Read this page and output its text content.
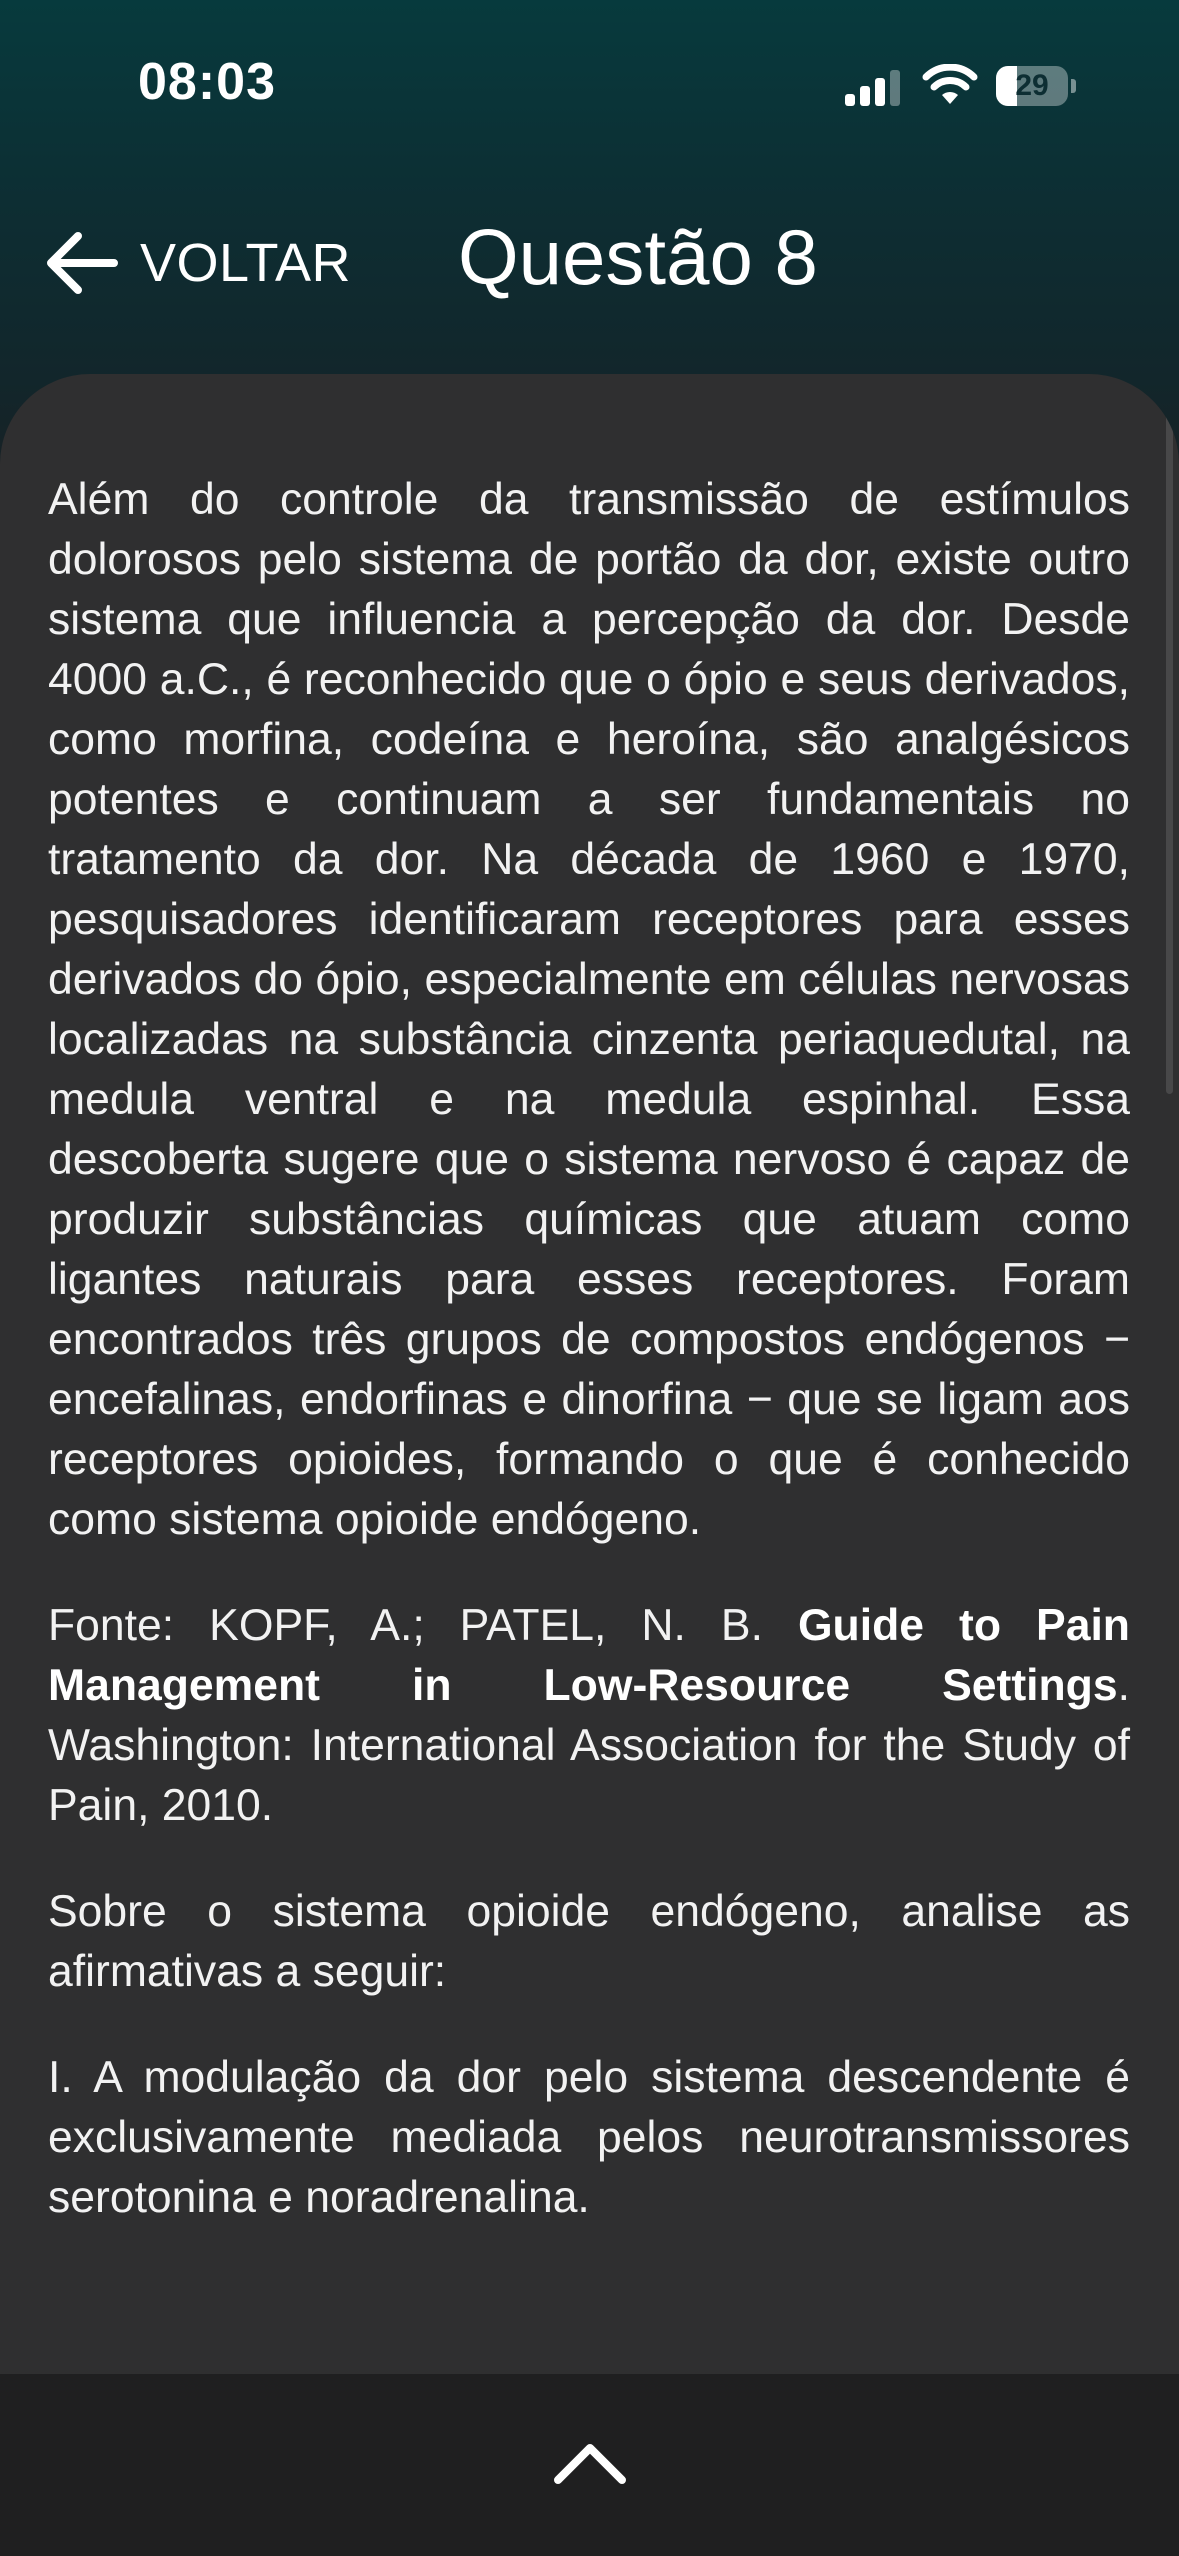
08:03	29
VOLTAR Questão 8

Além do controle da transmissão de estímulos dolorosos pelo sistema de portão da dor, existe outro sistema que influencia a percepção da dor. Desde 4000 a.C., é reconhecido que o ópio e seus derivados, como morfina, codeína e heroína, são analgésicos potentes e continuam a ser fundamentais no tratamento da dor. Na década de 1960 e 1970, pesquisadores identificaram receptores para esses derivados do ópio, especialmente em células nervosas localizadas na substância cinzenta periaquedutal, na medula ventral e na medula espinhal. Essa descoberta sugere que o sistema nervoso é capaz de produzir substâncias químicas que atuam como ligantes naturais para esses receptores. Foram encontrados três grupos de compostos endógenos − encefalinas, endorfinas e dinorfina − que se ligam aos receptores opioides, formando o que é conhecido como sistema opioide endógeno.

Fonte: KOPF, A.; PATEL, N. B. Guide to Pain Management in Low-Resource Settings. Washington: International Association for the Study of Pain, 2010.

Sobre o sistema opioide endógeno, analise as afirmativas a seguir:

I. A modulação da dor pelo sistema descendente é exclusivamente mediada pelos neurotransmissores serotonina e noradrenalina.
